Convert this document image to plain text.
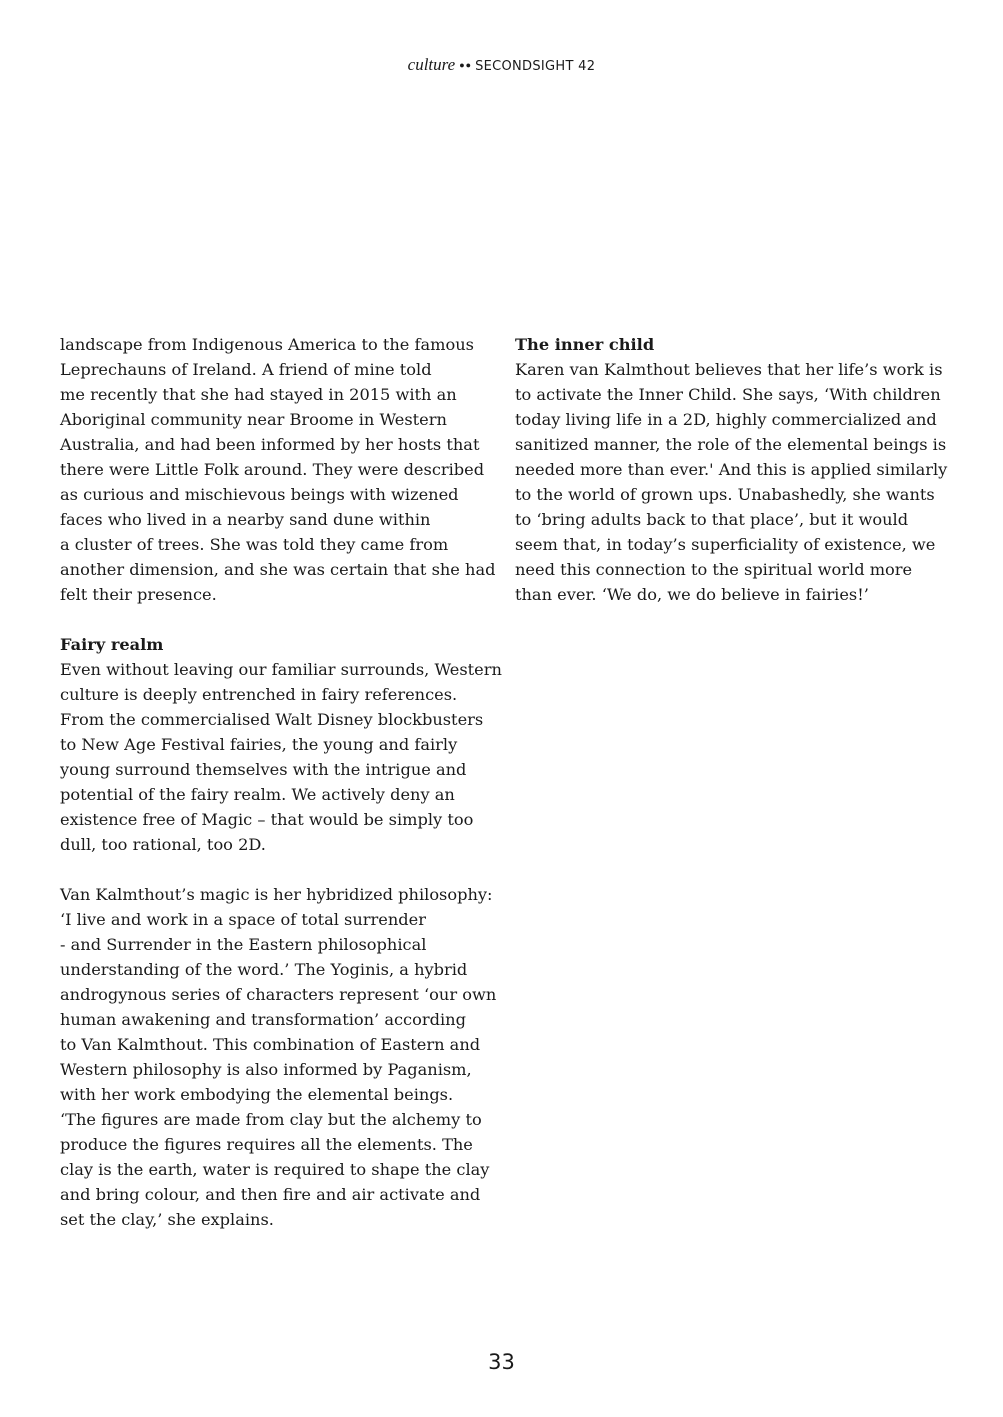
culture ●● SECONDSIGHT 42
landscape from Indigenous America to the famous
Leprechauns of Ireland. A friend of mine told
me recently that she had stayed in 2015 with an
Aboriginal community near Broome in Western
Australia, and had been informed by her hosts that
there were Little Folk around. They were described
as curious and mischievous beings with wizened
faces who lived in a nearby sand dune within
a cluster of trees. She was told they came from
another dimension, and she was certain that she had
felt their presence.
Fairy realm
Even without leaving our familiar surrounds, Western
culture is deeply entrenched in fairy references.
From the commercialised Walt Disney blockbusters
to New Age Festival fairies, the young and fairly
young surround themselves with the intrigue and
potential of the fairy realm. We actively deny an
existence free of Magic – that would be simply too
dull, too rational, too 2D.
Van Kalmthout’s magic is her hybridized philosophy:
‘I live and work in a space of total surrender
- and Surrender in the Eastern philosophical
understanding of the word.’ The Yoginis, a hybrid
androgynous series of characters represent ‘our own
human awakening and transformation’ according
to Van Kalmthout. This combination of Eastern and
Western philosophy is also informed by Paganism,
with her work embodying the elemental beings.
‘The figures are made from clay but the alchemy to
produce the figures requires all the elements. The
clay is the earth, water is required to shape the clay
and bring colour, and then fire and air activate and
set the clay,’ she explains.
The inner child
Karen van Kalmthout believes that her life’s work is
to activate the Inner Child. She says, ‘With children
today living life in a 2D, highly commercialized and
sanitized manner, the role of the elemental beings is
needed more than ever.' And this is applied similarly
to the world of grown ups. Unabashedly, she wants
to ‘bring adults back to that place’, but it would
seem that, in today’s superficiality of existence, we
need this connection to the spiritual world more
than ever. ‘We do, we do believe in fairies!’
33
